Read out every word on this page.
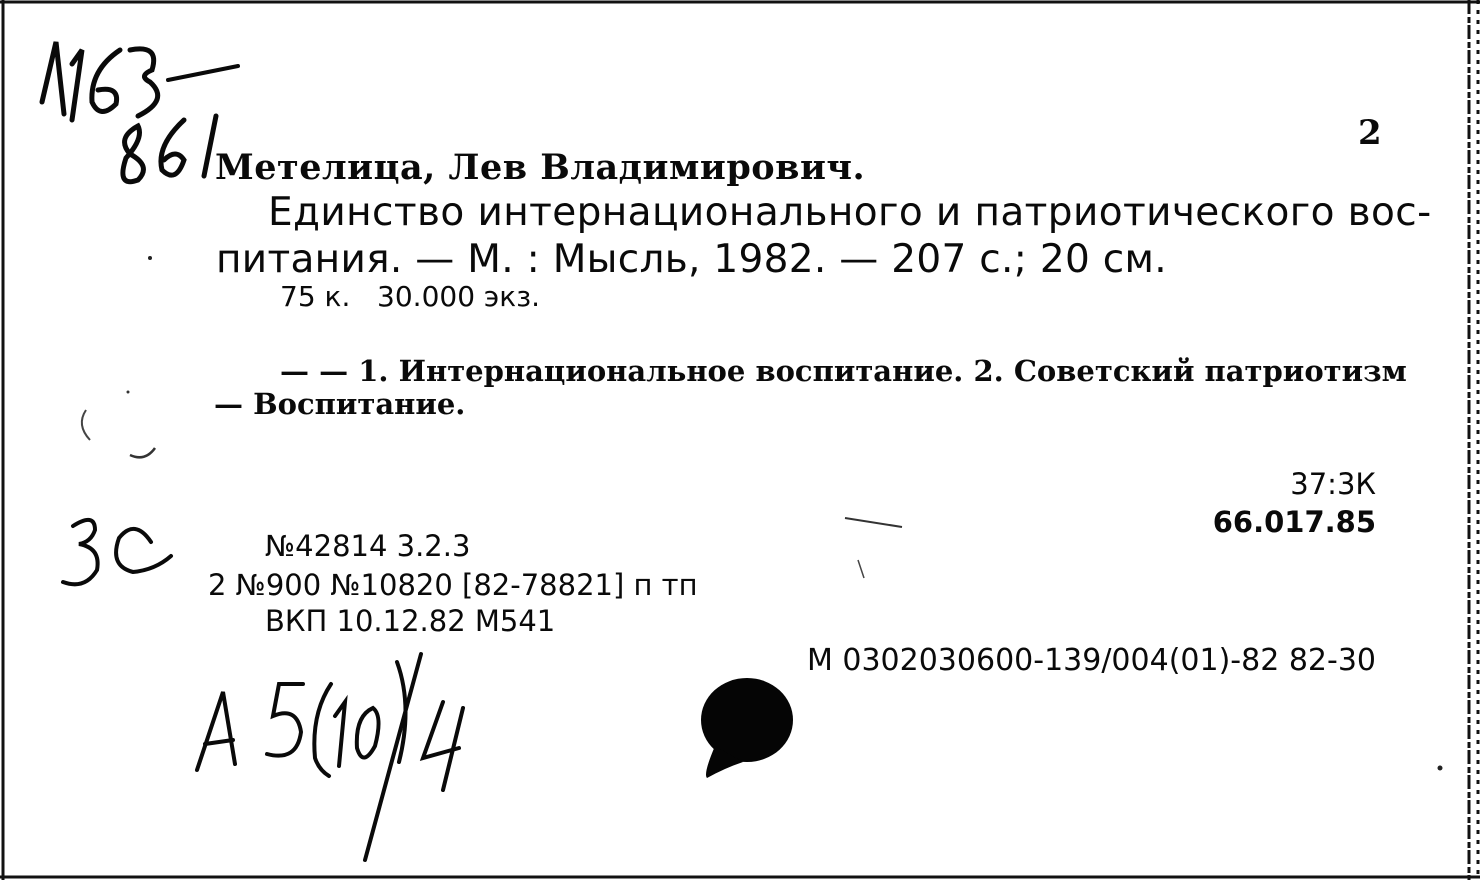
2
Метелица, Лев Владимирович.
Единство интернационального и патриотического вос-
питания. — М. : Мысль, 1982. — 207 с.; 20 см.
75 к.   30.000 экз.
— — 1. Интернациональное воспитание. 2. Советский патриотизм
— Воспитание.
37:3К
66.017.85
№42814 3.2.3
2 №900 №10820 [82-78821] п тп
ВКП 10.12.82 М541
М 0302030600-139/004(01)-82 82-30
